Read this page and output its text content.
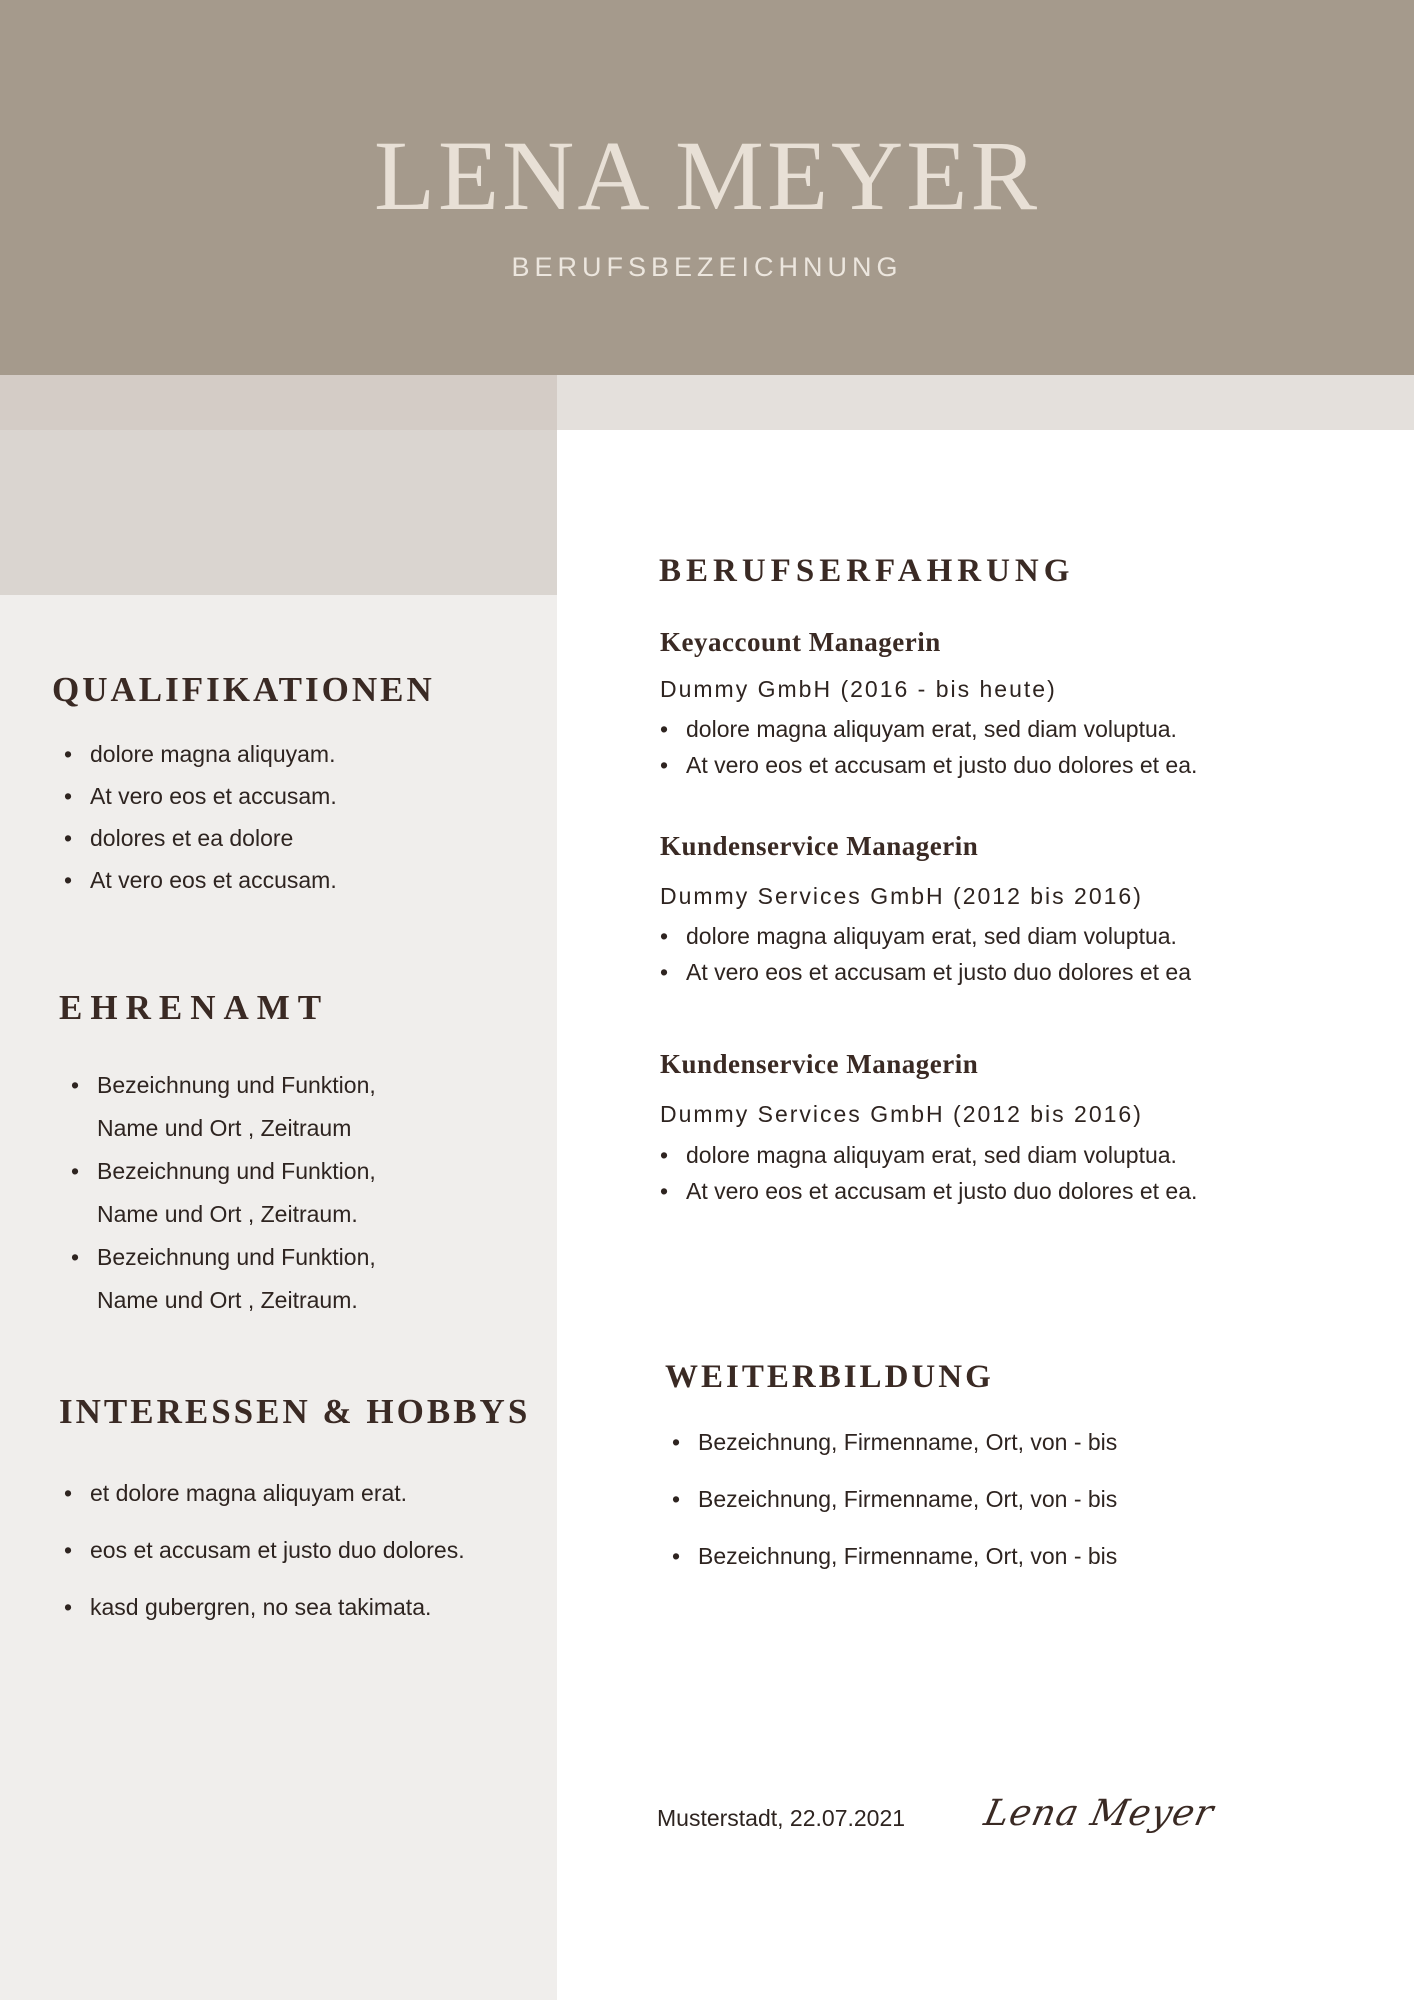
LENA MEYER
BERUFSBEZEICHNUNG
QUALIFIKATIONEN
• dolore magna aliquyam.
• At vero eos et accusam.
• dolores et ea dolore
• At vero eos et accusam.
EHRENAMT
• Bezeichnung und Funktion,
Name und Ort , Zeitraum
• Bezeichnung und Funktion,
Name und Ort , Zeitraum.
• Bezeichnung und Funktion,
Name und Ort , Zeitraum.
INTERESSEN & HOBBYS
• et dolore magna aliquyam erat.
• eos et accusam et justo duo dolores.
• kasd gubergren, no sea takimata.
BERUFSERFAHRUNG
Keyaccount Managerin
Dummy GmbH (2016 - bis heute)
• dolore magna aliquyam erat, sed diam voluptua.
• At vero eos et accusam et justo duo dolores et ea.
Kundenservice Managerin
Dummy Services GmbH (2012 bis 2016)
• dolore magna aliquyam erat, sed diam voluptua.
• At vero eos et accusam et justo duo dolores et ea
Kundenservice Managerin
Dummy Services GmbH (2012 bis 2016)
• dolore magna aliquyam erat, sed diam voluptua.
• At vero eos et accusam et justo duo dolores et ea.
WEITERBILDUNG
• Bezeichnung, Firmenname, Ort, von - bis
• Bezeichnung, Firmenname, Ort, von - bis
• Bezeichnung, Firmenname, Ort, von - bis
Musterstadt, 22.07.2021 Lena Meyer
